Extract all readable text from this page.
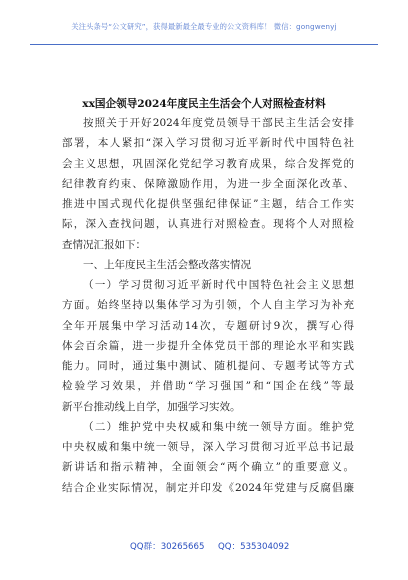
关注头条号“公文研究”，获得最新最全最专业的公文资料库！ 微信：gongwenyj
xx国企领导2024年度民主生活会个人对照检查材料
按照关于开好2024年度党员领导干部民主生活会安排
部署，本人紧扣“深入学习贯彻习近平新时代中国特色社
会主义思想，巩固深化党纪学习教育成果，综合发挥党的
纪律教育约束、保障激励作用，为进一步全面深化改革、
推进中国式现代化提供坚强纪律保证”主题，结合工作实
际，深入查找问题，认真进行对照检查。现将个人对照检
查情况汇报如下：
一、上年度民主生活会整改落实情况
（一）学习贯彻习近平新时代中国特色社会主义思想
方面。始终坚持以集体学习为引领，个人自主学习为补充
全年开展集中学习活动14次，专题研讨9次，撰写心得
体会百余篇，进一步提升全体党员干部的理论水平和实践
能力。同时，通过集中测试、随机提问、专题考试等方式
检验学习效果，并借助“学习强国”和“国企在线”等最
新平台推动线上自学，加强学习实效。
（二）维护党中央权威和集中统一领导方面。维护党
中央权威和集中统一领导，深入学习贯彻习近平总书记最
新讲话和指示精神，全面领会“两个确立”的重要意义。
结合企业实际情况，制定并印发《2024年党建与反腐倡廉
QQ群：30265665 QQ：535304092
